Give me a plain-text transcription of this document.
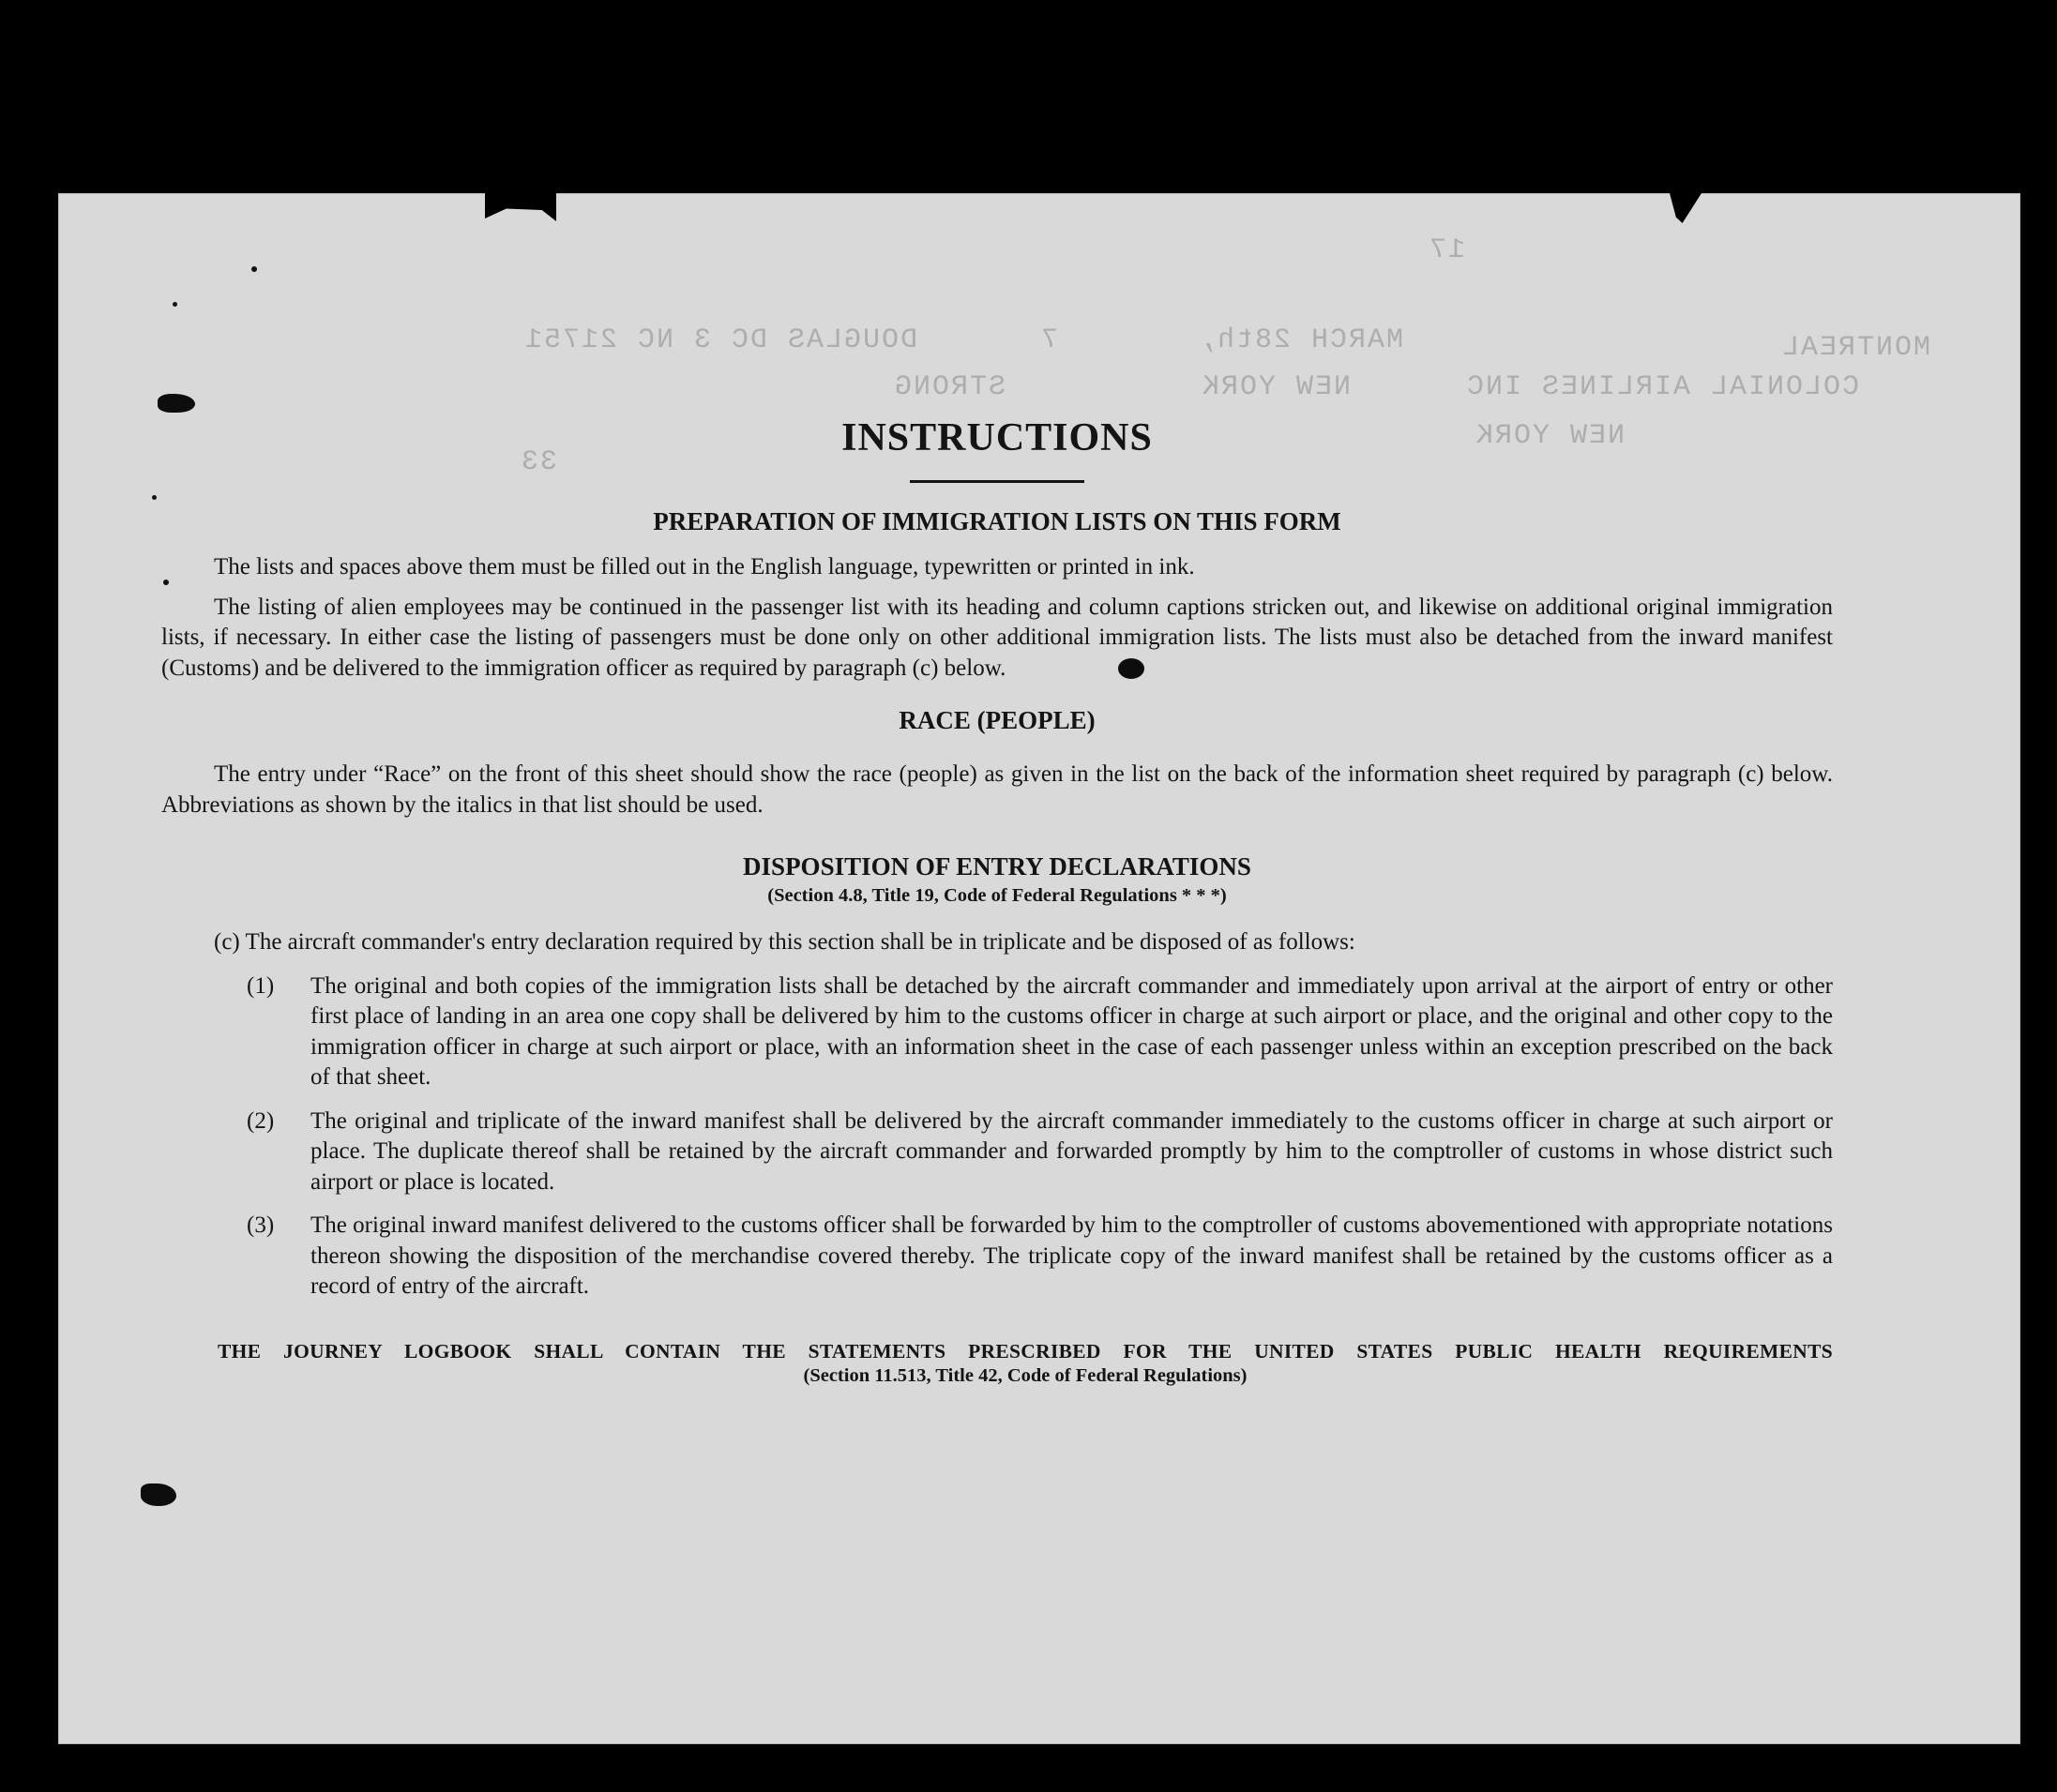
17
MONTREAL
MARCH 28th,
7
DOUGLAS DC 3 NC 21751
COLONIAL AIRLINES INC
NEW YORK
STRONG
NEW YORK
33
INSTRUCTIONS
PREPARATION OF IMMIGRATION LISTS ON THIS FORM

The lists and spaces above them must be filled out in the English language, typewritten or printed in ink.

The listing of alien employees may be continued in the passenger list with its heading and column captions stricken out, and likewise on additional original immigration lists, if necessary. In either case the listing of passengers must be done only on other additional immigration lists. The lists must also be detached from the inward manifest (Customs) and be delivered to the immigration officer as required by paragraph (c) below.

RACE (PEOPLE)

The entry under “Race” on the front of this sheet should show the race (people) as given in the list on the back of the information sheet required by paragraph (c) below. Abbreviations as shown by the italics in that list should be used.

DISPOSITION OF ENTRY DECLARATIONS

(Section 4.8, Title 19, Code of Federal Regulations * * *)

(c) The aircraft commander's entry declaration required by this section shall be in triplicate and be disposed of as follows:

(1) The original and both copies of the immigration lists shall be detached by the aircraft commander and immediately upon arrival at the airport of entry or other first place of landing in an area one copy shall be delivered by him to the customs officer in charge at such airport or place, and the original and other copy to the immigration officer in charge at such airport or place, with an information sheet in the case of each passenger unless within an exception prescribed on the back of that sheet.
(2) The original and triplicate of the inward manifest shall be delivered by the aircraft commander immediately to the customs officer in charge at such airport or place. The duplicate thereof shall be retained by the aircraft commander and forwarded promptly by him to the comptroller of customs in whose district such airport or place is located.
(3) The original inward manifest delivered to the customs officer shall be forwarded by him to the comptroller of customs abovementioned with appropriate notations thereon showing the disposition of the merchandise covered thereby. The triplicate copy of the inward manifest shall be retained by the customs officer as a record of entry of the aircraft.

THE JOURNEY LOGBOOK SHALL CONTAIN THE STATEMENTS PRESCRIBED FOR THE UNITED STATES PUBLIC HEALTH REQUIREMENTS

(Section 11.513, Title 42, Code of Federal Regulations)
